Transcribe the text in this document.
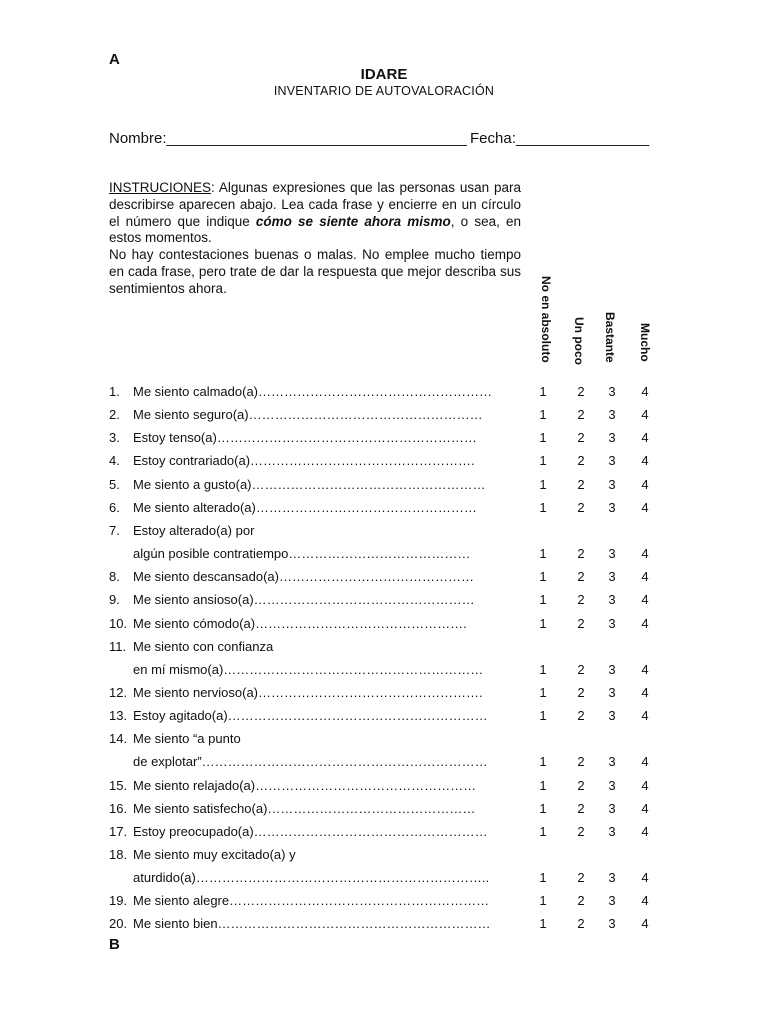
A
IDARE
INVENTARIO DE AUTOVALORACIÓN
Nombre:____________________________________ Fecha:________________
INSTRUCIONES: Algunas expresiones que las personas usan para describirse aparecen abajo. Lea cada frase y encierre en un círculo el número que indique cómo se siente ahora mismo, o sea, en estos momentos.
No hay contestaciones buenas o malas. No emplee mucho tiempo en cada frase, pero trate de dar la respuesta que mejor describa sus sentimientos ahora.	No en absoluto Un poco Bastante Mucho
1. Me siento calmado(a)………………………………………………	1 2 3 4
2. Me siento seguro(a)………………………………………………	1 2 3 4
3. Estoy tenso(a)……………………………………………………	1 2 3 4
4. Estoy contrariado(a)…………………………………………….	1 2 3 4
5. Me siento a gusto(a)………………………………………………	1 2 3 4
6. Me siento alterado(a)……………………………………………	1 2 3 4
7. Estoy alterado(a) por
algún posible contratiempo……………………………………	1 2 3 4
8. Me siento descansado(a)………………………………………	1 2 3 4
9. Me siento ansioso(a)……………………………………………	1 2 3 4
10. Me siento cómodo(a)………………………………………….	1 2 3 4
11. Me siento con confianza
en mí mismo(a)……………………………………………………	1 2 3 4
12. Me siento nervioso(a)…………………………………………….	1 2 3 4
13. Estoy agitado(a)……………………………………………………	1 2 3 4
14. Me siento “a punto
de explotar”…………………………………………………………	1 2 3 4
15. Me siento relajado(a)……………………………………………	1 2 3 4
16. Me siento satisfecho(a)…………………………………………	1 2 3 4
17. Estoy preocupado(a)………………………………………………	1 2 3 4
18. Me siento muy excitado(a) y
aturdido(a)…………………………………………………………..	1 2 3 4
19. Me siento alegre……………………………………………………	1 2 3 4
20. Me siento bien………………………………………………………	1 2 3 4
B
